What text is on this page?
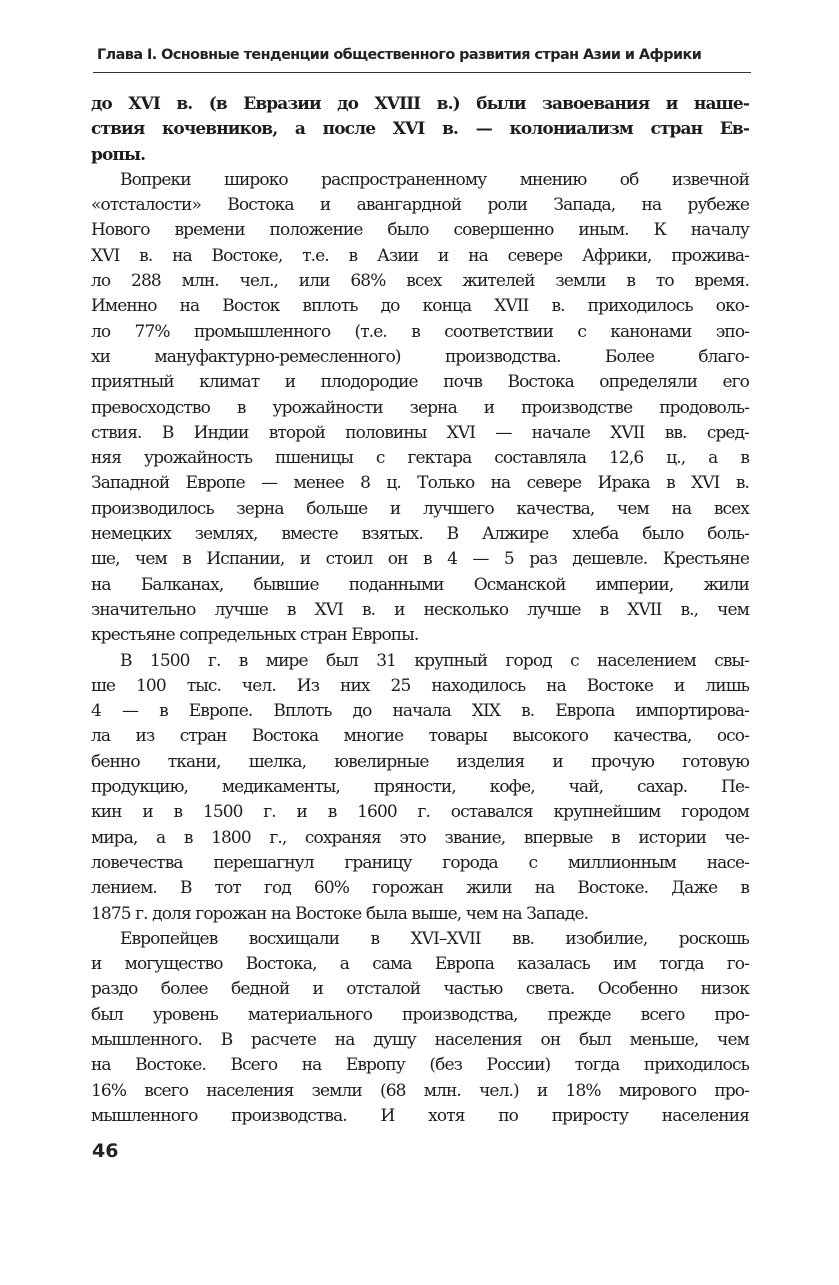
Глава I. Основные тенденции общественного развития стран Азии и Африки
до XVI в. (в Евразии до XVIII в.) были завоевания и наше-
ствия кочевников, а после XVI в. — колониализм стран Ев-
ропы.
Вопреки широко распространенному мнению об извечной
«отсталости» Востока и авангардной роли Запада, на рубеже
Нового времени положение было совершенно иным. К началу
XVI в. на Востоке, т.е. в Азии и на севере Африки, прожива-
ло 288 млн. чел., или 68% всех жителей земли в то время.
Именно на Восток вплоть до конца XVII в. приходилось око-
ло 77% промышленного (т.е. в соответствии с канонами эпо-
хи мануфактурно-ремесленного) производства. Более благо-
приятный климат и плодородие почв Востока определяли его
превосходство в урожайности зерна и производстве продоволь-
ствия. В Индии второй половины XVI — начале XVII вв. сред-
няя урожайность пшеницы с гектара составляла 12,6 ц., а в
Западной Европе — менее 8 ц. Только на севере Ирака в XVI в.
производилось зерна больше и лучшего качества, чем на всех
немецких землях, вместе взятых. В Алжире хлеба было боль-
ше, чем в Испании, и стоил он в 4 — 5 раз дешевле. Крестьяне
на Балканах, бывшие поданными Османской империи, жили
значительно лучше в XVI в. и несколько лучше в XVII в., чем
крестьяне сопредельных стран Европы.
В 1500 г. в мире был 31 крупный город с населением свы-
ше 100 тыс. чел. Из них 25 находилось на Востоке и лишь
4 — в Европе. Вплоть до начала XIX в. Европа импортирова-
ла из стран Востока многие товары высокого качества, осо-
бенно ткани, шелка, ювелирные изделия и прочую готовую
продукцию, медикаменты, пряности, кофе, чай, сахар. Пе-
кин и в 1500 г. и в 1600 г. оставался крупнейшим городом
мира, а в 1800 г., сохраняя это звание, впервые в истории че-
ловечества перешагнул границу города с миллионным насе-
лением. В тот год 60% горожан жили на Востоке. Даже в
1875 г. доля горожан на Востоке была выше, чем на Западе.
Европейцев восхищали в XVI–XVII вв. изобилие, роскошь
и могущество Востока, а сама Европа казалась им тогда го-
раздо более бедной и отсталой частью света. Особенно низок
был уровень материального производства, прежде всего про-
мышленного. В расчете на душу населения он был меньше, чем
на Востоке. Всего на Европу (без России) тогда приходилось
16% всего населения земли (68 млн. чел.) и 18% мирового про-
мышленного производства. И хотя по приросту населения
46
